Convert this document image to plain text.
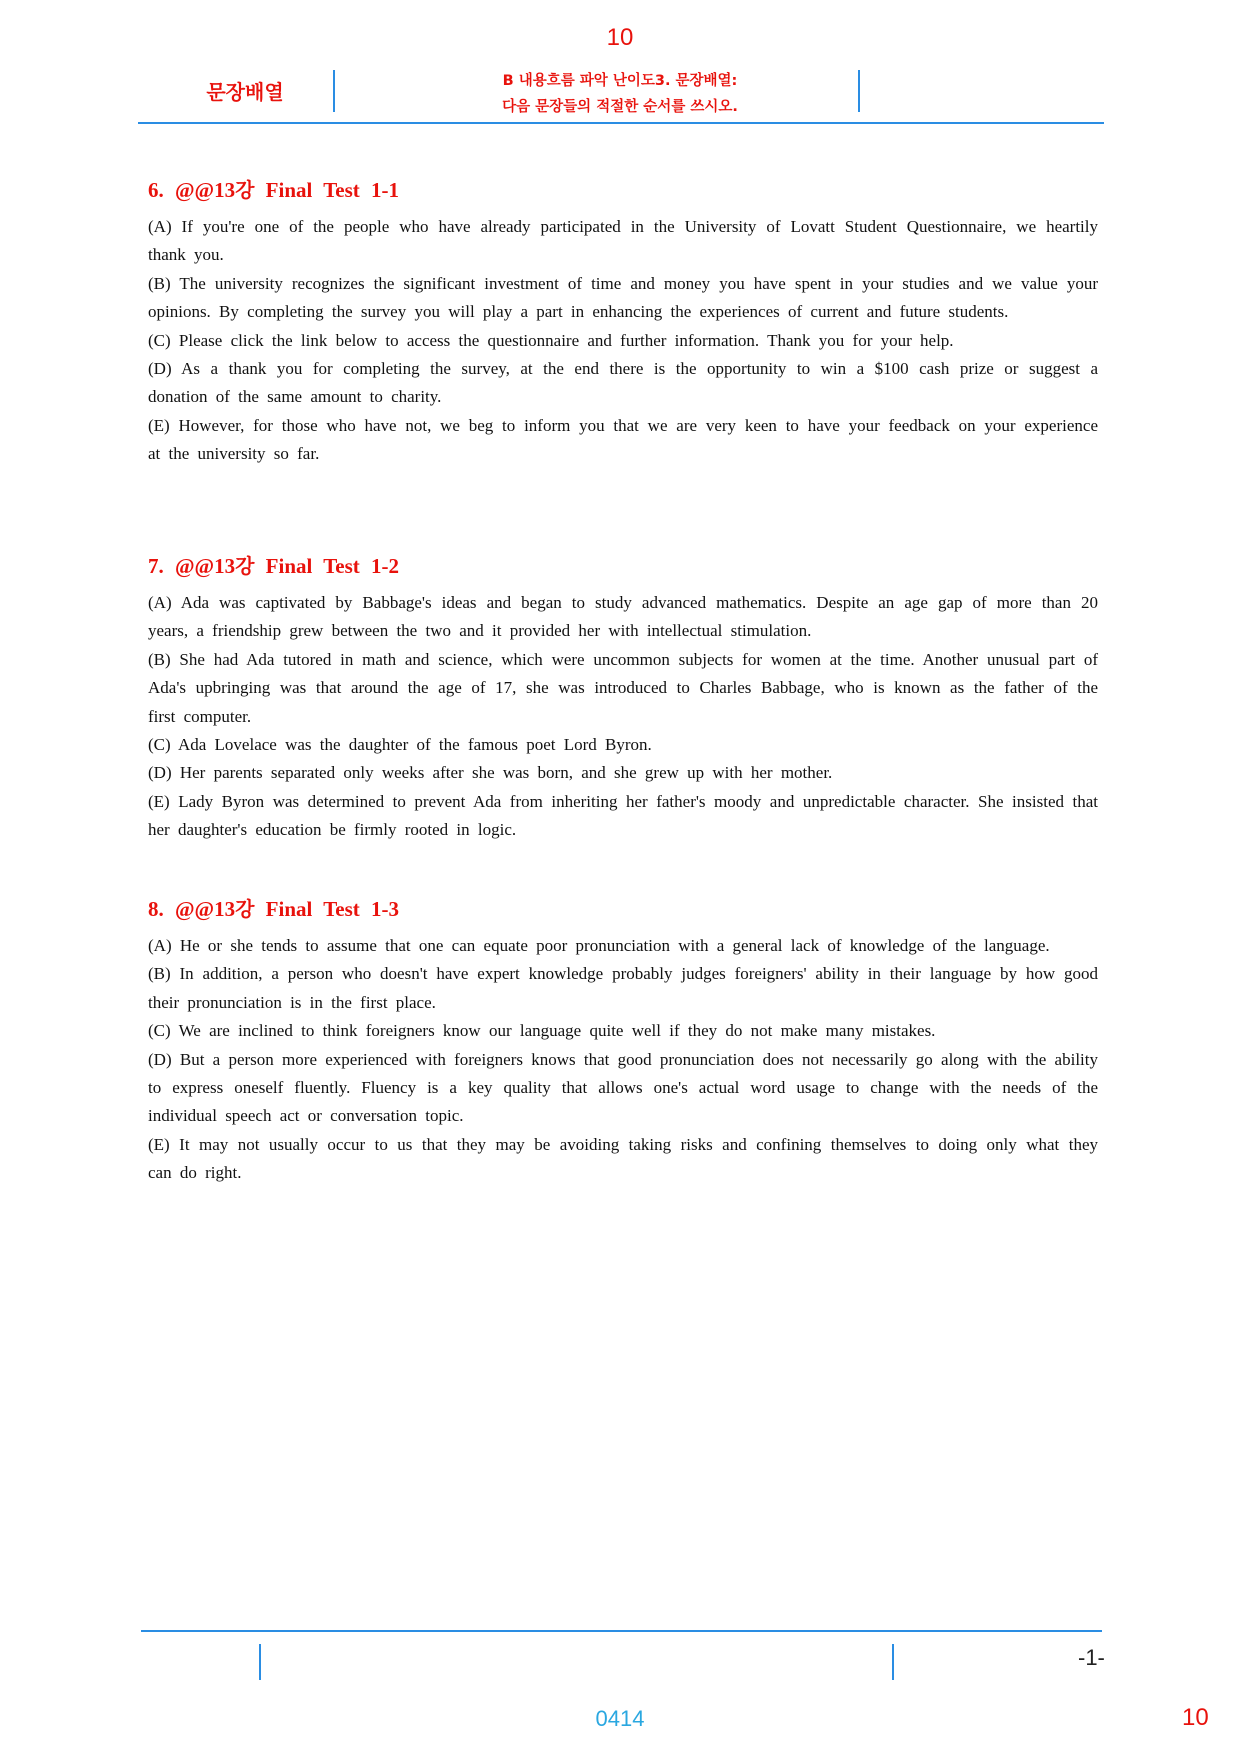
10
문장배열	B 내용흐름 파악 난이도3. 문장배열:
다음 문장들의 적절한 순서를 쓰시오.
6. @@13강 Final Test 1-1

(A) If you're one of the people who have already participated in the University of Lovatt Student Questionnaire, we heartily thank you.

(B) The university recognizes the significant investment of time and money you have spent in your studies and we value your opinions. By completing the survey you will play a part in enhancing the experiences of current and future students.

(C) Please click the link below to access the questionnaire and further information. Thank you for your help.

(D) As a thank you for completing the survey, at the end there is the opportunity to win a $100 cash prize or suggest a donation of the same amount to charity.

(E) However, for those who have not, we beg to inform you that we are very keen to have your feedback on your experience at the university so far.

7. @@13강 Final Test 1-2

(A) Ada was captivated by Babbage's ideas and began to study advanced mathematics. Despite an age gap of more than 20 years, a friendship grew between the two and it provided her with intellectual stimulation.

(B) She had Ada tutored in math and science, which were uncommon subjects for women at the time. Another unusual part of Ada's upbringing was that around the age of 17, she was introduced to Charles Babbage, who is known as the father of the first computer.

(C) Ada Lovelace was the daughter of the famous poet Lord Byron.

(D) Her parents separated only weeks after she was born, and she grew up with her mother.

(E) Lady Byron was determined to prevent Ada from inheriting her father's moody and unpredictable character. She insisted that her daughter's education be firmly rooted in logic.

8. @@13강 Final Test 1-3

(A) He or she tends to assume that one can equate poor pronunciation with a general lack of knowledge of the language.

(B) In addition, a person who doesn't have expert knowledge probably judges foreigners' ability in their language by how good their pronunciation is in the first place.

(C) We are inclined to think foreigners know our language quite well if they do not make many mistakes.

(D) But a person more experienced with foreigners knows that good pronunciation does not necessarily go along with the ability to express oneself fluently. Fluency is a key quality that allows one's actual word usage to change with the needs of the individual speech act or conversation topic.

(E) It may not usually occur to us that they may be avoiding taking risks and confining themselves to doing only what they can do right.

-1-
0414	10
